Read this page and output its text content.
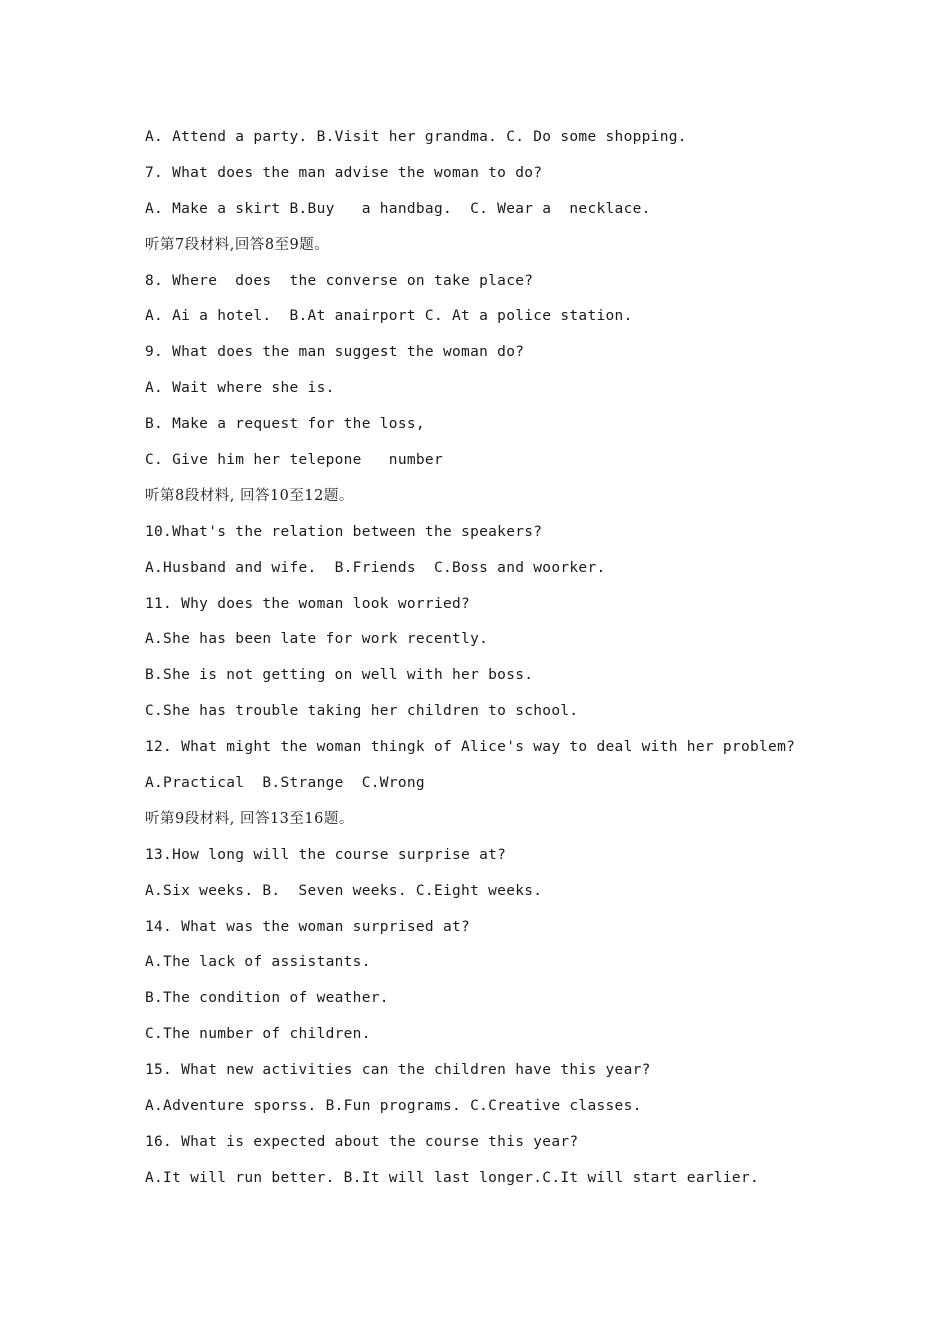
A. Attend a party. B.Visit her grandma. C. Do some shopping.
7. What does the man advise the woman to do?
A. Make a skirt B.Buy   a handbag.  C. Wear a  necklace.
听第7段材料,回答8至9题。
8. Where  does  the converse on take place?
A. Ai a hotel.  B.At anairport C. At a police station.
9. What does the man suggest the woman do?
A. Wait where she is.
B. Make a request for the loss,
C. Give him her telepone   number
听第8段材料, 回答10至12题。
10.What's the relation between the speakers?
A.Husband and wife.  B.Friends  C.Boss and woorker.
11. Why does the woman look worried?
A.She has been late for work recently.
B.She is not getting on well with her boss.
C.She has trouble taking her children to school.
12. What might the woman thingk of Alice's way to deal with her problem?
A.Practical  B.Strange  C.Wrong
听第9段材料, 回答13至16题。
13.How long will the course surprise at?
A.Six weeks. B.  Seven weeks. C.Eight weeks.
14. What was the woman surprised at?
A.The lack of assistants.
B.The condition of weather.
C.The number of children.
15. What new activities can the children have this year?
A.Adventure sporss. B.Fun programs. C.Creative classes.
16. What is expected about the course this year?
A.It will run better. B.It will last longer.C.It will start earlier.
